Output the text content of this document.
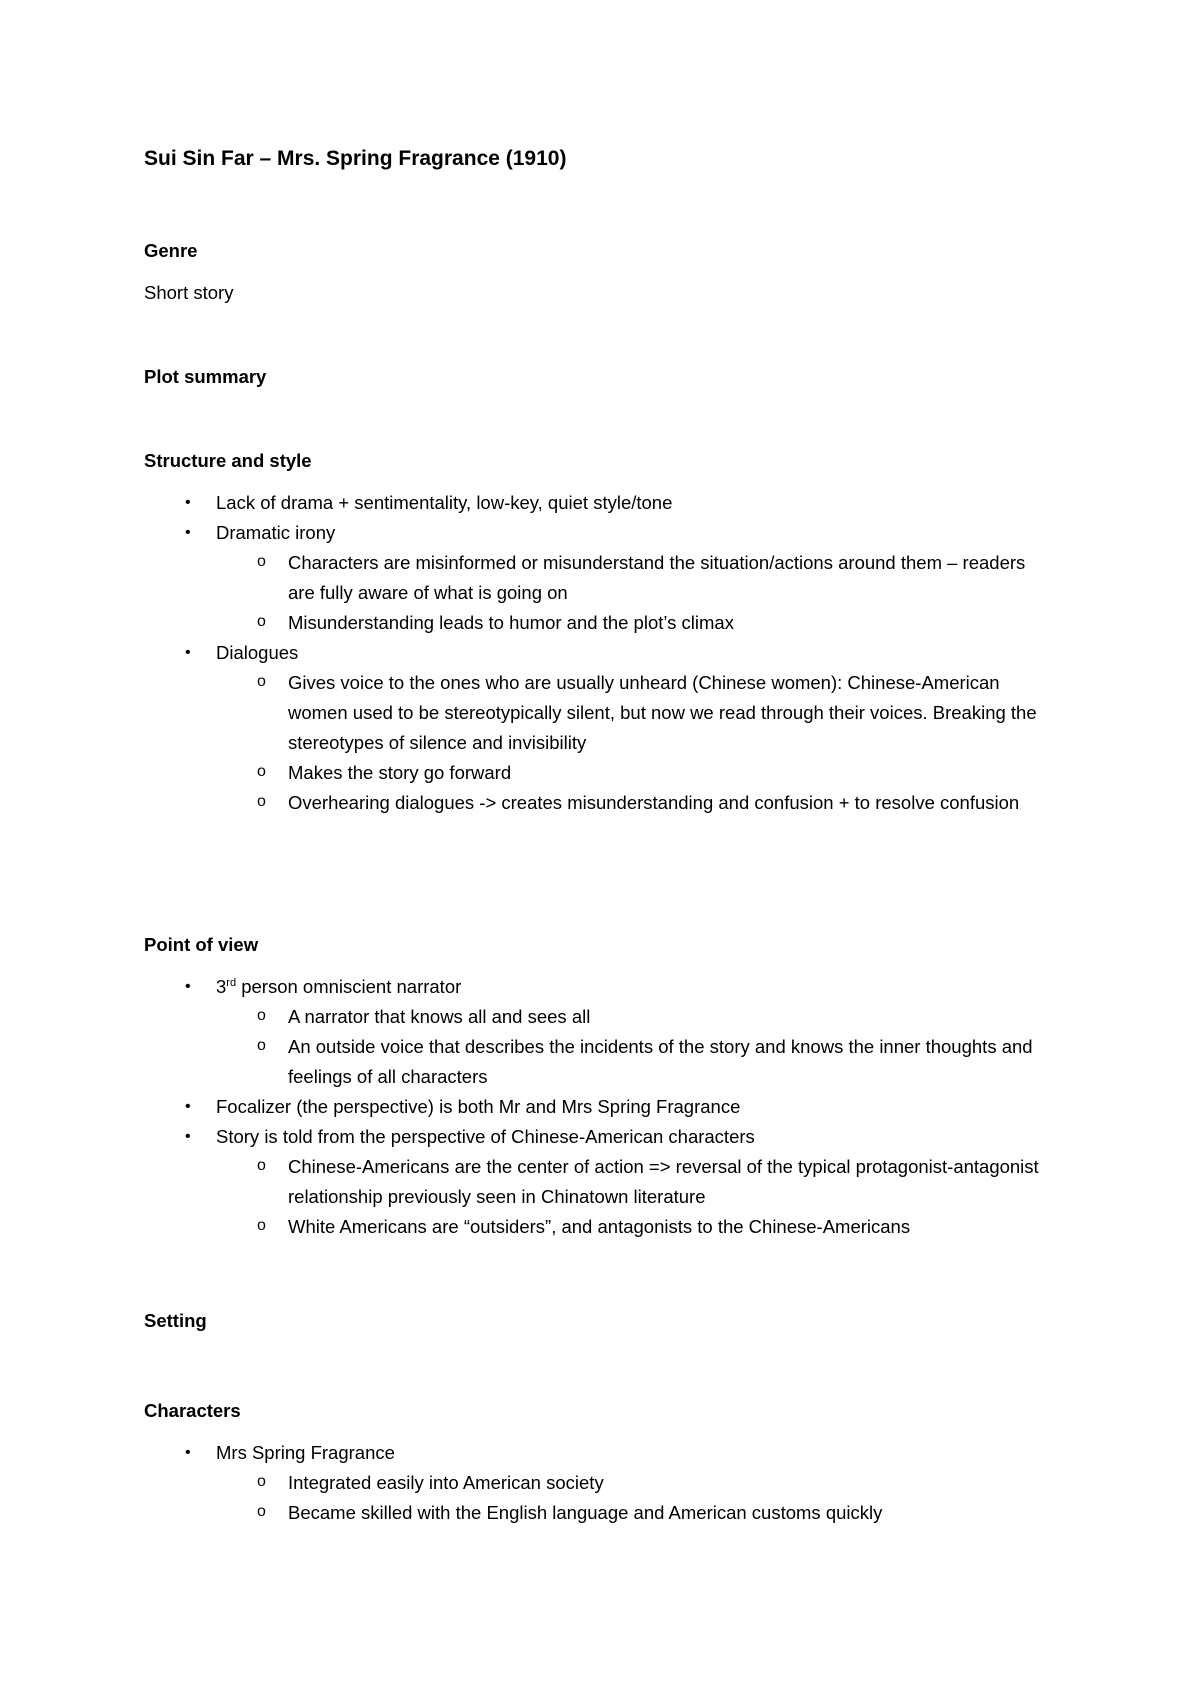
Sui Sin Far – Mrs. Spring Fragrance (1910)

Genre

Short story

Plot summary

Structure and style

• Lack of drama + sentimentality, low-key, quiet style/tone
• Dramatic irony
o Characters are misinformed or misunderstand the situation/actions around them – readers are fully aware of what is going on
o Misunderstanding leads to humor and the plot’s climax
• Dialogues
o Gives voice to the ones who are usually unheard (Chinese women): Chinese-American women used to be stereotypically silent, but now we read through their voices. Breaking the stereotypes of silence and invisibility
o Makes the story go forward
o Overhearing dialogues -> creates misunderstanding and confusion + to resolve confusion

Point of view

• 3rd person omniscient narrator
o A narrator that knows all and sees all
o An outside voice that describes the incidents of the story and knows the inner thoughts and feelings of all characters
• Focalizer (the perspective) is both Mr and Mrs Spring Fragrance
• Story is told from the perspective of Chinese-American characters
o Chinese-Americans are the center of action => reversal of the typical protagonist-antagonist relationship previously seen in Chinatown literature
o White Americans are “outsiders”, and antagonists to the Chinese-Americans

Setting

Characters

• Mrs Spring Fragrance
o Integrated easily into American society
o Became skilled with the English language and American customs quickly
